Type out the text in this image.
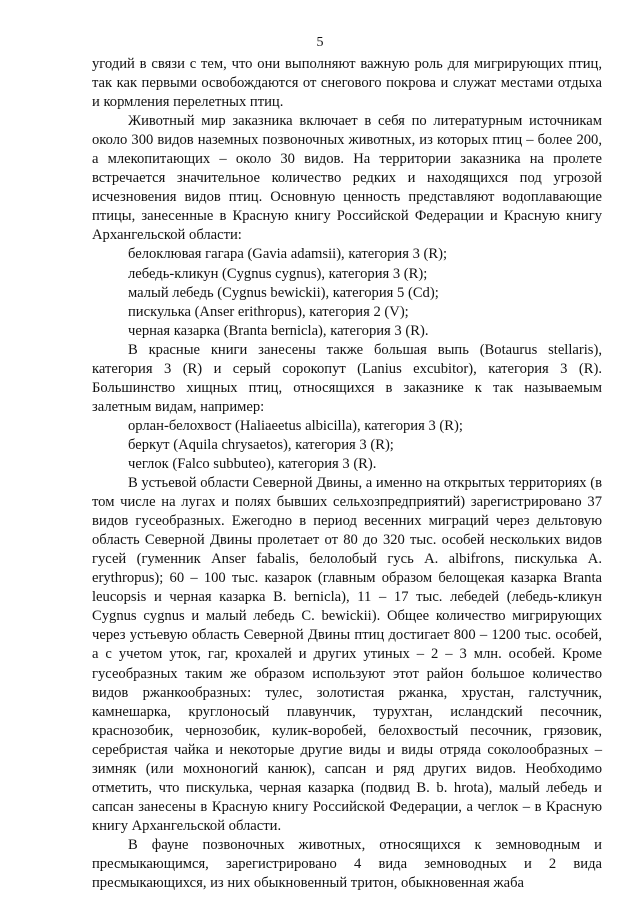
5

угодий в связи с тем, что они выполняют важную роль для мигрирующих птиц, так как первыми освобождаются от снегового покрова и служат местами отдыха и кормления перелетных птиц.

Животный мир заказника включает в себя по литературным источникам около 300 видов наземных позвоночных животных, из которых птиц – более 200, а млекопитающих – около 30 видов. На территории заказника на пролете встречается значительное количество редких и находящихся под угрозой исчезновения видов птиц. Основную ценность представляют водоплавающие птицы, занесенные в Красную книгу Российской Федерации и Красную книгу Архангельской области:

белоклювая гагара (Gavia adamsii), категория 3 (R);

лебедь-кликун (Cygnus cygnus), категория 3 (R);

малый лебедь (Cygnus bewickii), категория 5 (Cd);

пискулька (Anser erithropus), категория 2 (V);

черная казарка (Branta bernicla), категория 3 (R).

В красные книги занесены также большая выпь (Botaurus stellaris), категория 3 (R) и серый сорокопут (Lanius excubitor), категория 3 (R). Большинство хищных птиц, относящихся в заказнике к так называемым залетным видам, например:

орлан-белохвост (Haliaeetus albicilla), категория 3 (R);

беркут (Aquila chrysaetos), категория 3 (R);

чеглок (Falco subbuteo), категория 3 (R).

В устьевой области Северной Двины, а именно на открытых территориях (в том числе на лугах и полях бывших сельхозпредприятий) зарегистрировано 37 видов гусеобразных. Ежегодно в период весенних миграций через дельтовую область Северной Двины пролетает от 80 до 320 тыс. особей нескольких видов гусей (гуменник Anser fabalis, белолобый гусь A. albifrons, пискулька A. erythropus); 60 – 100 тыс. казарок (главным образом белощекая казарка Branta leucopsis и черная казарка B. bernicla), 11 – 17 тыс. лебедей (лебедь-кликун Cygnus cygnus и малый лебедь C. bewickii). Общее количество мигрирующих через устьевую область Северной Двины птиц достигает 800 – 1200 тыс. особей, а с учетом уток, гаг, крохалей и других утиных – 2 – 3 млн. особей. Кроме гусеобразных таким же образом используют этот район большое количество видов ржанкообразных: тулес, золотистая ржанка, хрустан, галстучник, камнешарка, круглоносый плавунчик, турухтан, исландский песочник, краснозобик, чернозобик, кулик-воробей, белохвостый песочник, грязовик, серебристая чайка и некоторые другие виды и виды отряда соколообразных – зимняк (или мохноногий канюк), сапсан и ряд других видов. Необходимо отметить, что пискулька, черная казарка (подвид B. b. hrota), малый лебедь и сапсан занесены в Красную книгу Российской Федерации, а чеглок – в Красную книгу Архангельской области.

В фауне позвоночных животных, относящихся к земноводным и пресмыкающимся, зарегистрировано 4 вида земноводных и 2 вида пресмыкающихся, из них обыкновенный тритон, обыкновенная жаба
